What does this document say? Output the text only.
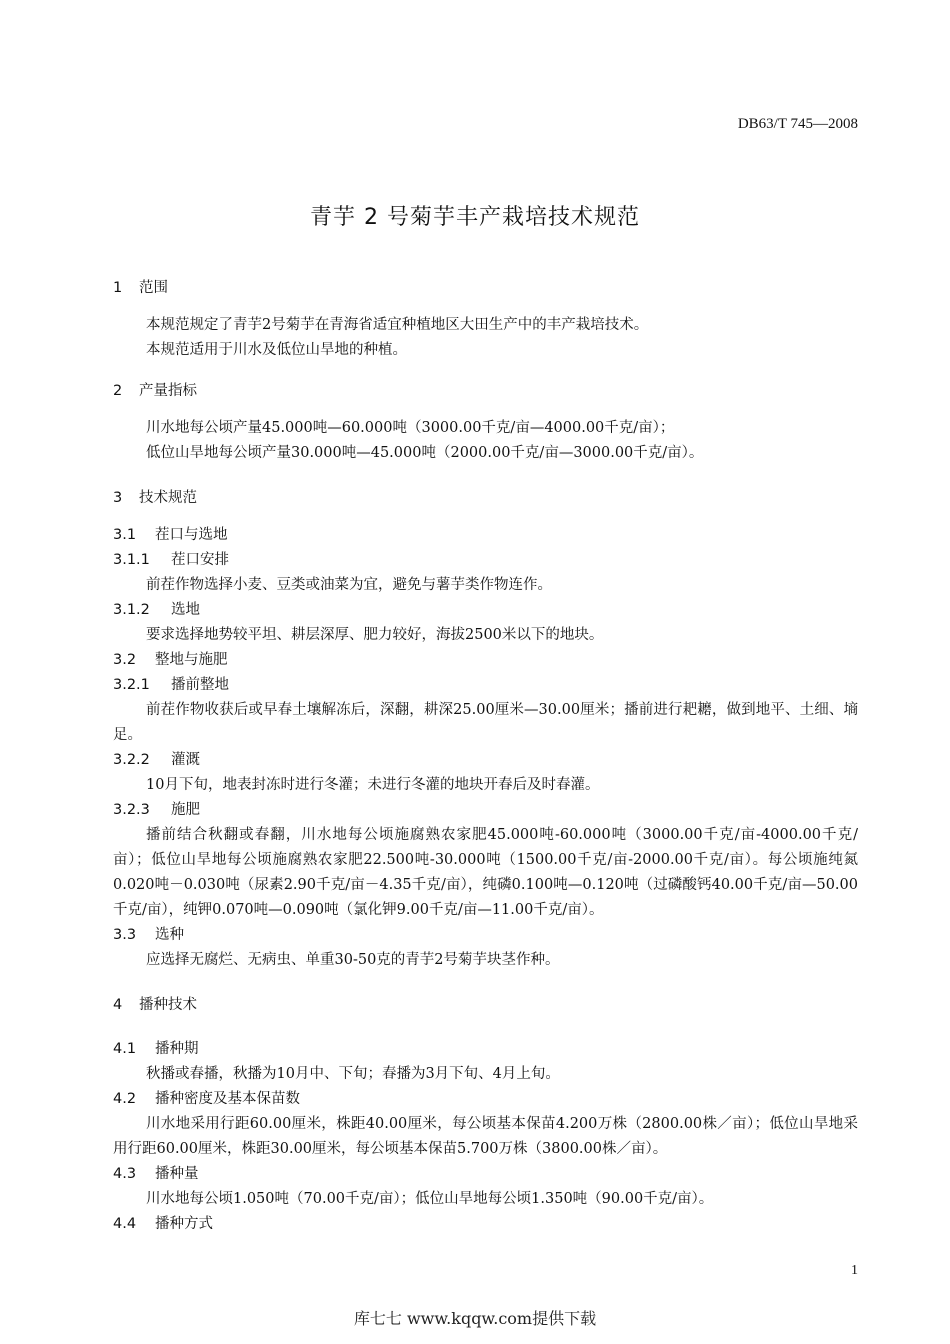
DB63/T 745—2008
青芋 2 号菊芋丰产栽培技术规范
1 范围
本规范规定了青芋2号菊芋在青海省适宜种植地区大田生产中的丰产栽培技术。
本规范适用于川水及低位山旱地的种植。
2 产量指标
川水地每公顷产量45.000吨—60.000吨（3000.00千克/亩—4000.00千克/亩）；
低位山旱地每公顷产量30.000吨—45.000吨（2000.00千克/亩—3000.00千克/亩）。
3 技术规范
3.1 茬口与选地
3.1.1 茬口安排
前茬作物选择小麦、豆类或油菜为宜，避免与薯芋类作物连作。
3.1.2 选地
要求选择地势较平坦、耕层深厚、肥力较好，海拔2500米以下的地块。
3.2 整地与施肥
3.2.1 播前整地
前茬作物收获后或早春土壤解冻后，深翻，耕深25.00厘米—30.00厘米；播前进行耙耱，做到地平、土细、墒足。
3.2.2 灌溉
10月下旬，地表封冻时进行冬灌；未进行冬灌的地块开春后及时春灌。
3.2.3 施肥
播前结合秋翻或春翻，川水地每公顷施腐熟农家肥45.000吨-60.000吨（3000.00千克/亩-4000.00千克/亩）；低位山旱地每公顷施腐熟农家肥22.500吨-30.000吨（1500.00千克/亩-2000.00千克/亩）。每公顷施纯氮0.020吨－0.030吨（尿素2.90千克/亩－4.35千克/亩），纯磷0.100吨—0.120吨（过磷酸钙40.00千克/亩—50.00千克/亩），纯钾0.070吨—0.090吨（氯化钾9.00千克/亩—11.00千克/亩）。
3.3 选种
应选择无腐烂、无病虫、单重30-50克的青芋2号菊芋块茎作种。
4 播种技术
4.1 播种期
秋播或春播，秋播为10月中、下旬；春播为3月下旬、4月上旬。
4.2 播种密度及基本保苗数
川水地采用行距60.00厘米，株距40.00厘米，每公顷基本保苗4.200万株（2800.00株／亩）；低位山旱地采用行距60.00厘米，株距30.00厘米，每公顷基本保苗5.700万株（3800.00株／亩）。
4.3 播种量
川水地每公顷1.050吨（70.00千克/亩）；低位山旱地每公顷1.350吨（90.00千克/亩）。
4.4 播种方式
1
库七七 www.kqqw.com提供下载
